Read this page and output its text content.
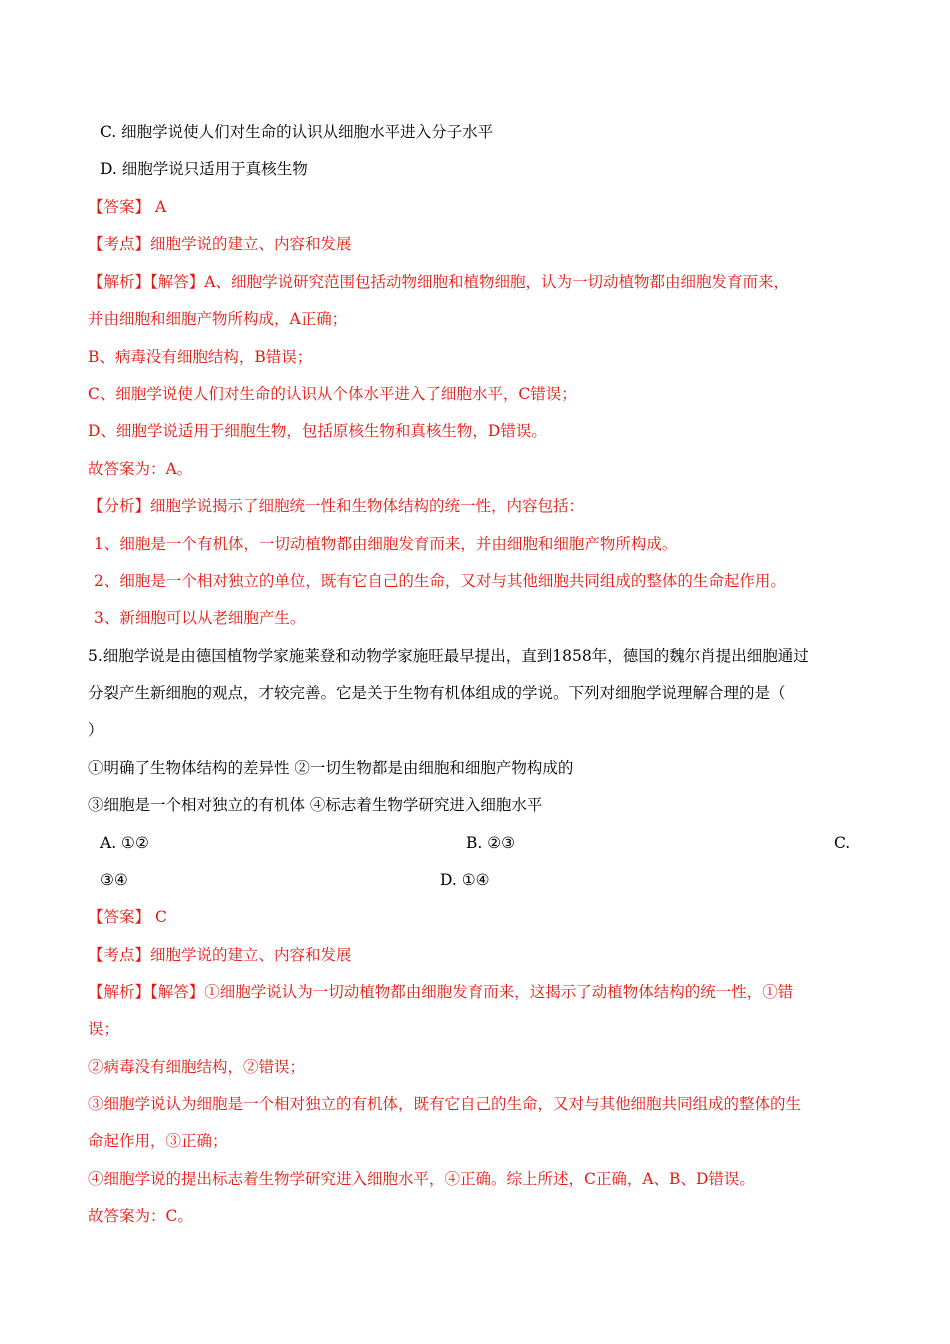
C. 细胞学说使人们对生命的认识从细胞水平进入分子水平
D. 细胞学说只适用于真核生物
【答案】 A
【考点】细胞学说的建立、内容和发展
【解析】【解答】A、细胞学说研究范围包括动物细胞和植物细胞，认为一切动植物都由细胞发育而来，
并由细胞和细胞产物所构成，A正确；
B、病毒没有细胞结构，B错误；
C、细胞学说使人们对生命的认识从个体水平进入了细胞水平，C错误；
D、细胞学说适用于细胞生物，包括原核生物和真核生物，D错误。
故答案为：A。
【分析】细胞学说揭示了细胞统一性和生物体结构的统一性，内容包括：
1、细胞是一个有机体，一切动植物都由细胞发育而来，并由细胞和细胞产物所构成。
2、细胞是一个相对独立的单位，既有它自己的生命，又对与其他细胞共同组成的整体的生命起作用。
3、新细胞可以从老细胞产生。
5.细胞学说是由德国植物学家施莱登和动物学家施旺最早提出，直到1858年，德国的魏尔肖提出细胞通过
分裂产生新细胞的观点，才较完善。它是关于生物有机体组成的学说。下列对细胞学说理解合理的是（
）
①明确了生物体结构的差异性 ②一切生物都是由细胞和细胞产物构成的
③细胞是一个相对独立的有机体 ④标志着生物学研究进入细胞水平
A. ①②	B. ②③	C.
③④	D. ①④
【答案】 C
【考点】细胞学说的建立、内容和发展
【解析】【解答】①细胞学说认为一切动植物都由细胞发育而来，这揭示了动植物体结构的统一性，①错
误；
②病毒没有细胞结构，②错误；
③细胞学说认为细胞是一个相对独立的有机体，既有它自己的生命，又对与其他细胞共同组成的整体的生
命起作用，③正确；
④细胞学说的提出标志着生物学研究进入细胞水平，④正确。综上所述，C正确，A、B、D错误。
故答案为：C。
